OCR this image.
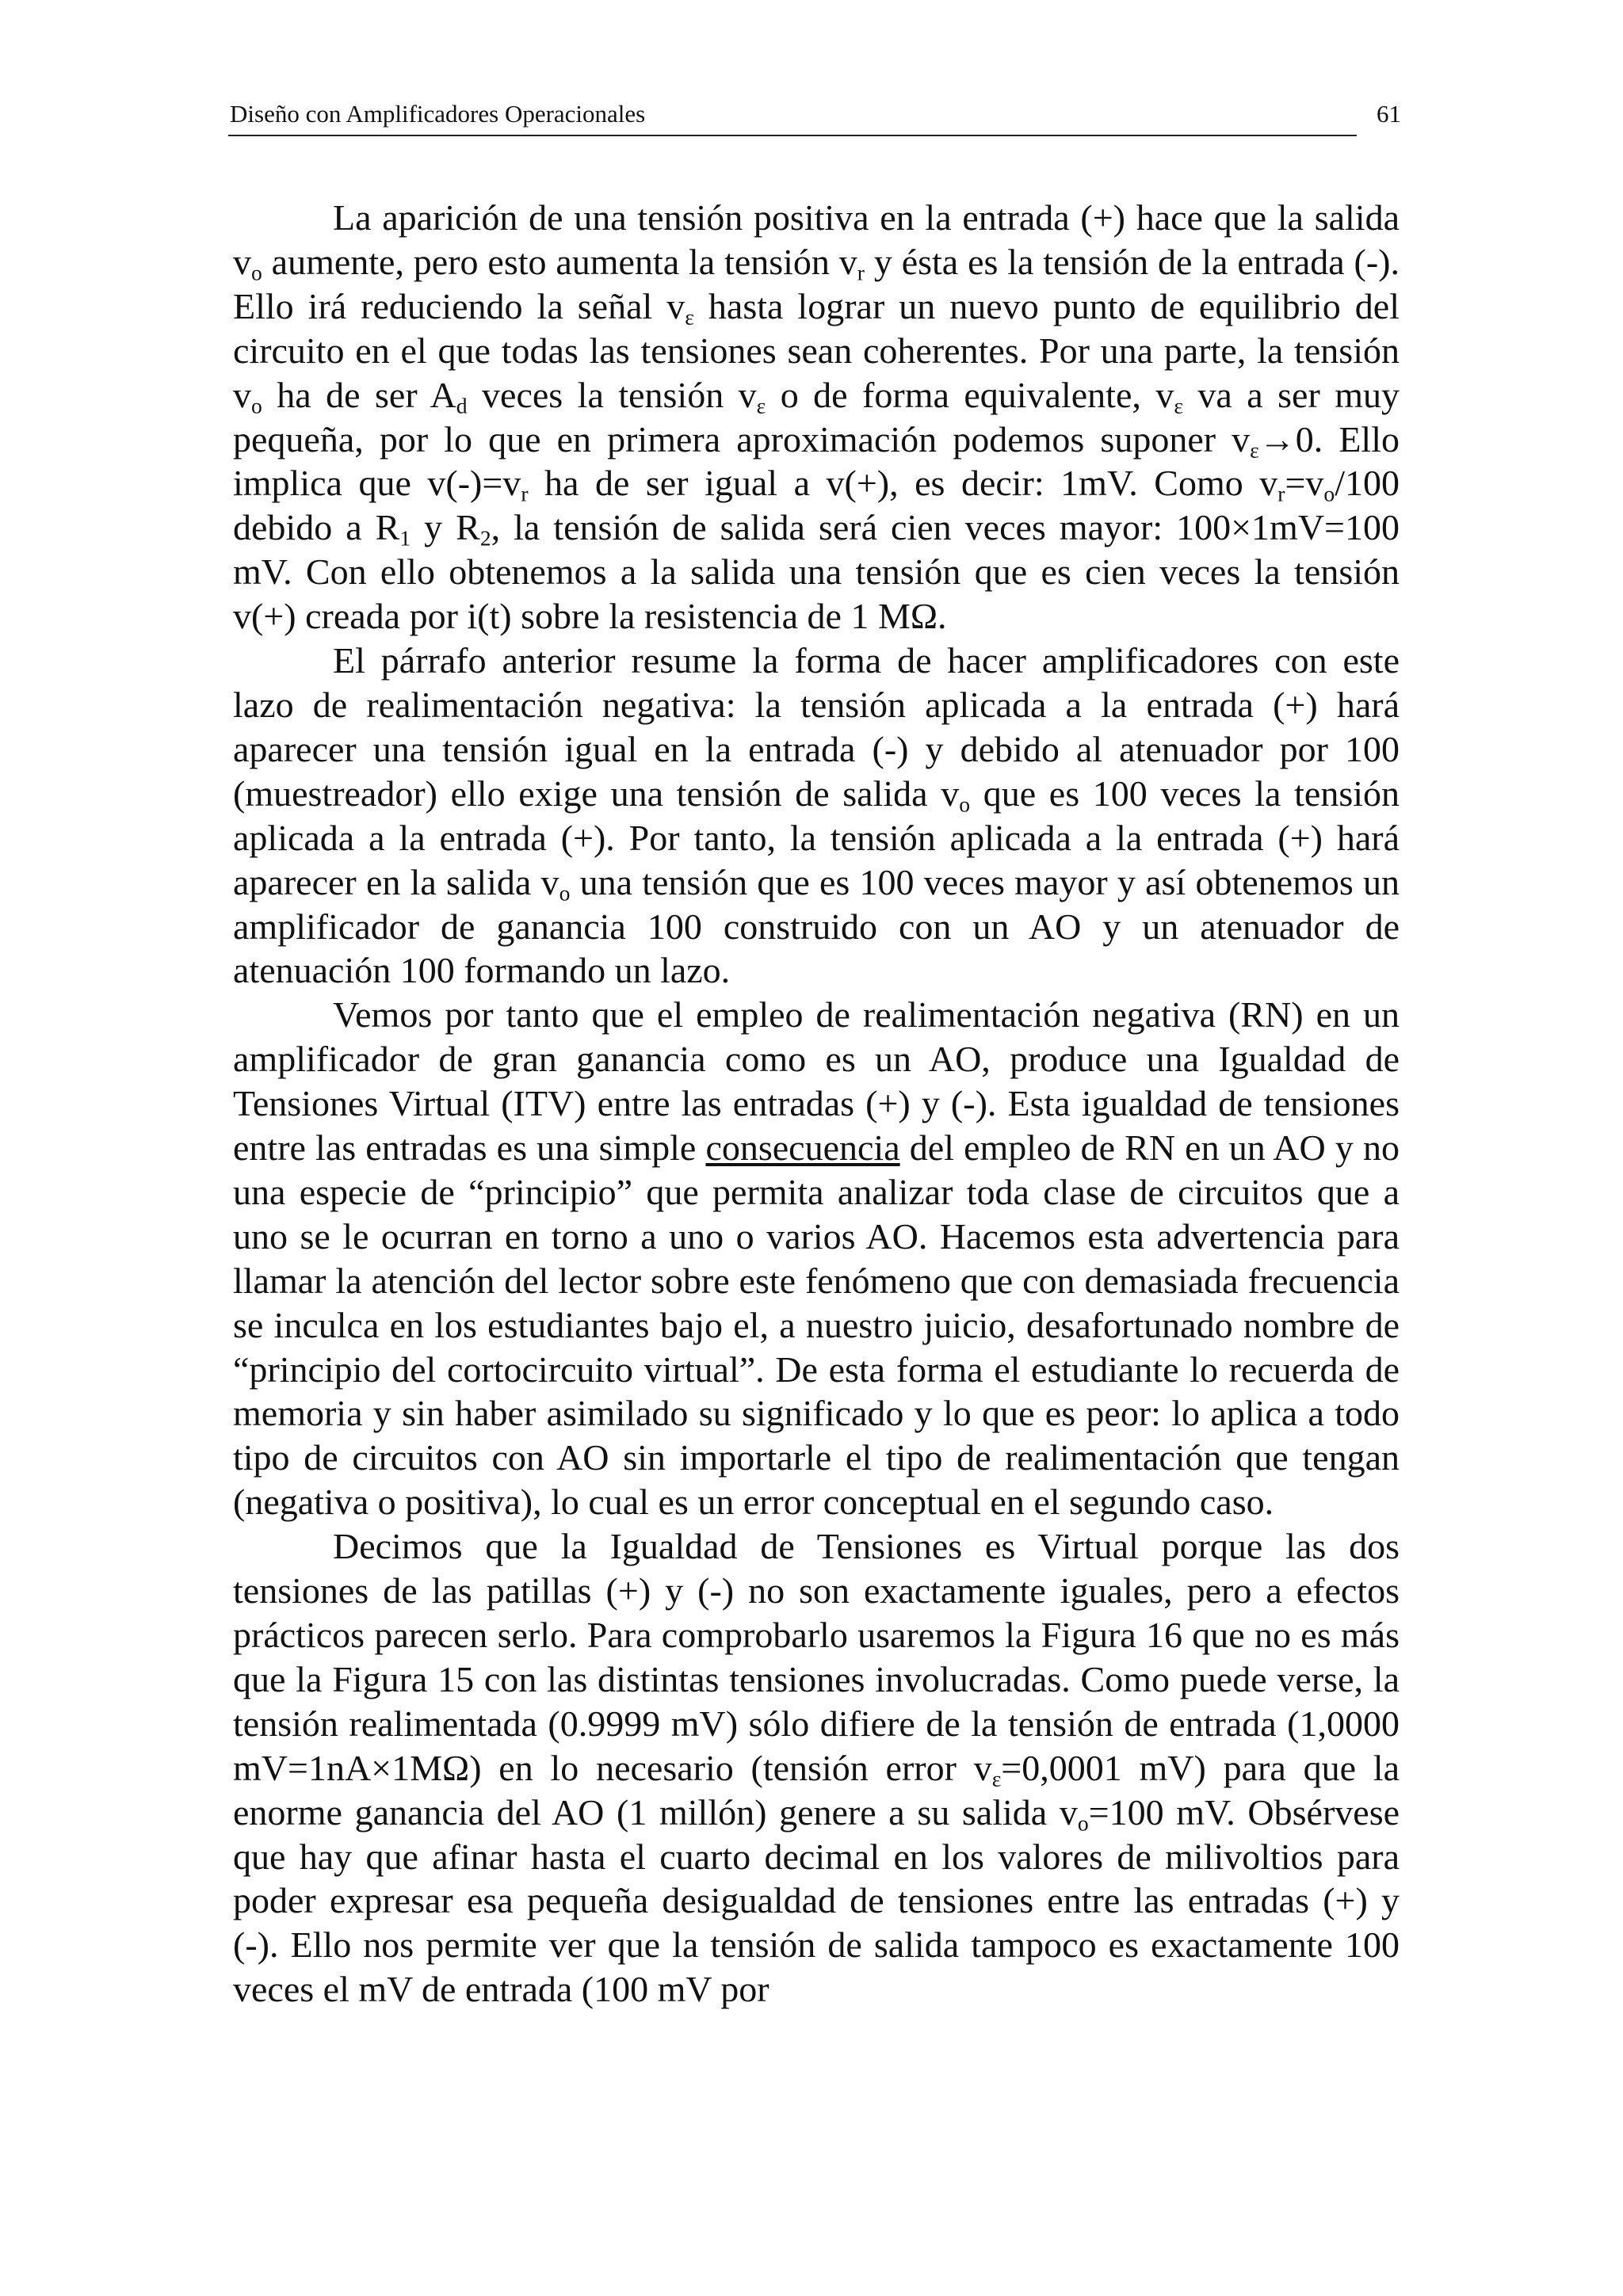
Diseño con Amplificadores Operacionales	61

La aparición de una tensión positiva en la entrada (+) hace que la salida $v_o$ aumente, pero esto aumenta la tensión $v_r$ y ésta es la tensión de la entrada (-). Ello irá reduciendo la señal $v_\varepsilon$ hasta lograr un nuevo punto de equilibrio del circuito en el que todas las tensiones sean coherentes. Por una parte, la tensión $v_o$ ha de ser $A_d$ veces la tensión $v_\varepsilon$ o de forma equivalente, $v_\varepsilon$ va a ser muy pequeña, por lo que en primera aproximación podemos suponer $v_\varepsilon\to 0$. Ello implica que $v(-)=v_r$ ha de ser igual a v(+), es decir: 1mV. Como $v_r=v_o/100$ debido a $R_1$ y $R_2$, la tensión de salida será cien veces mayor: 100×1mV=100 mV. Con ello obtenemos a la salida una tensión que es cien veces la tensión v(+) creada por i(t) sobre la resistencia de 1 MΩ.

El párrafo anterior resume la forma de hacer amplificadores con este lazo de realimentación negativa: la tensión aplicada a la entrada (+) hará aparecer una tensión igual en la entrada (-) y debido al atenuador por 100 (muestreador) ello exige una tensión de salida $v_o$ que es 100 veces la tensión aplicada a la entrada (+). Por tanto, la tensión aplicada a la entrada (+) hará aparecer en la salida $v_o$ una tensión que es 100 veces mayor y así obtenemos un amplificador de ganancia 100 construido con un AO y un atenuador de atenuación 100 formando un lazo.

Vemos por tanto que el empleo de realimentación negativa (RN) en un amplificador de gran ganancia como es un AO, produce una Igualdad de Tensiones Virtual (ITV) entre las entradas (+) y (-). Esta igualdad de tensiones entre las entradas es una simple consecuencia del empleo de RN en un AO y no una especie de “principio” que permita analizar toda clase de circuitos que a uno se le ocurran en torno a uno o varios AO. Hacemos esta advertencia para llamar la atención del lector sobre este fenómeno que con demasiada frecuencia se inculca en los estudiantes bajo el, a nuestro juicio, desafortunado nombre de “principio del cortocircuito virtual”. De esta forma el estudiante lo recuerda de memoria y sin haber asimilado su significado y lo que es peor: lo aplica a todo tipo de circuitos con AO sin importarle el tipo de realimentación que tengan (negativa o positiva), lo cual es un error conceptual en el segundo caso.

Decimos que la Igualdad de Tensiones es Virtual porque las dos tensiones de las patillas (+) y (-) no son exactamente iguales, pero a efectos prácticos parecen serlo. Para comprobarlo usaremos la Figura 16 que no es más que la Figura 15 con las distintas tensiones involucradas. Como puede verse, la tensión realimentada (0.9999 mV) sólo difiere de la tensión de entrada (1,0000 mV=1nA×1MΩ) en lo necesario (tensión error $v_\varepsilon=0,0001$ mV) para que la enorme ganancia del AO (1 millón) genere a su salida $v_o=100$ mV. Obsérvese que hay que afinar hasta el cuarto decimal en los valores de milivoltios para poder expresar esa pequeña desigualdad de tensiones entre las entradas (+) y (-). Ello nos permite ver que la tensión de salida tampoco es exactamente 100 veces el mV de entrada (100 mV por
